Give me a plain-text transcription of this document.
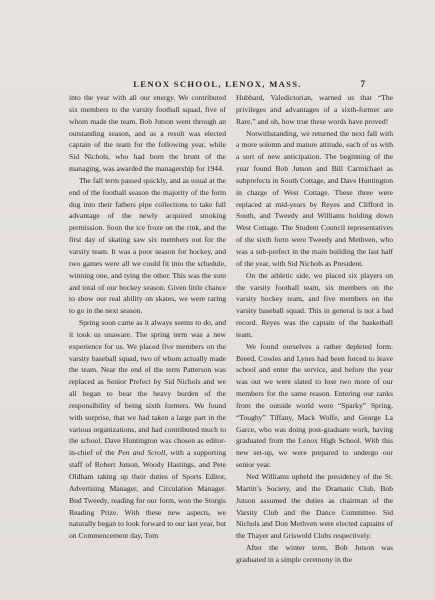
LENOX SCHOOL, LENOX, MASS.	7

into the year with all our energy. We contributed six members to the varsity football squad, five of whom made the team. Bob Jutson went through an outstanding season, and as a result was elected captain of the team for the following year, while Sid Nichols, who had born the brunt of the managing, was awarded the managership for 1944.

The fall term passed quickly, and as usual at the end of the football season the majority of the form dug into their fathers pipe collections to take full advantage of the newly acquired smoking permission. Soon the ice froze on the rink, and the first day of skating saw six members out for the varsity team. It was a poor season for hockey, and two games were all we could fit into the schedule, winning one, and tying the other. This was the sum and total of our hockey season. Given little chance to show our real ability on skates, we were raring to go in the next season.

Spring soon came as it always seems to do, and it took us unaware. The spring term was a new experience for us. We placed five members on the varsity baseball squad, two of whom actually made the team. Near the end of the term Patterson was replaced as Senior Prefect by Sid Nichols and we all began to bear the heavy burden of the responsibility of being sixth formers. We found with surprise, that we had taken a large part in the various organizations, and had contributed much to the school. Dave Huntington was chosen as editor-in-chief of the Pen and Scroll, with a supporting staff of Robert Jutson, Woody Hastings, and Pete Oldham taking up their duties of Sports Editor, Advertising Manager, and Circulation Manager. Bud Tweedy, reading for our form, won the Sturgis Reading Prize. With these new aspects, we naturally began to look forward to our last year, but on Commencement day, Tom

Hubbard, Valedictorian, warned us that “The privileges and advantages of a sixth-former are Rare,” and oh, how true these words have proved!

Notwithstanding, we returned the next fall with a more solemn and mature attitude, each of us with a sort of new anticipation. The beginning of the year found Bob Jutson and Bill Carmichael as subprefects in South Cottage, and Dave Huntington in charge of West Cottage. These three were replaced at mid-years by Reyes and Clifford in South, and Tweedy and Williams holding down West Cottage. The Student Council representatives of the sixth form were Tweedy and Methven, who was a sub-prefect in the main building the last half of the year, with Sid Nichols as President.

On the athletic side, we placed six players on the varsity football team, six members on the varsity hockey team, and five members on the varsity baseball squad. This in general is not a bad record. Reyes was the captain of the basketball team.

We found ourselves a rather depleted form. Breed, Cowles and Lynes had been forced to leave school and enter the service, and before the year was out we were slated to lose two more of our members for the same reason. Entering our ranks from the outside world were “Sparky” Spring, “Toughy” Tiffany, Mack Wolfe, and George La Garce, who was doing post-graduate work, having graduated from the Lenox High School. With this new set-up, we were prepared to undergo our senior year.

Ned Williams upheld the presidency of the St. Martin’s Society, and the Dramatic Club, Bob Jutson assumed the duties as chairman of the Varsity Club and the Dance Committee. Sid Nichols and Don Methven were elected captains of the Thayer and Griswold Clubs respectively.

After the winter term, Bob Jutson was graduated in a simple ceremony in the
